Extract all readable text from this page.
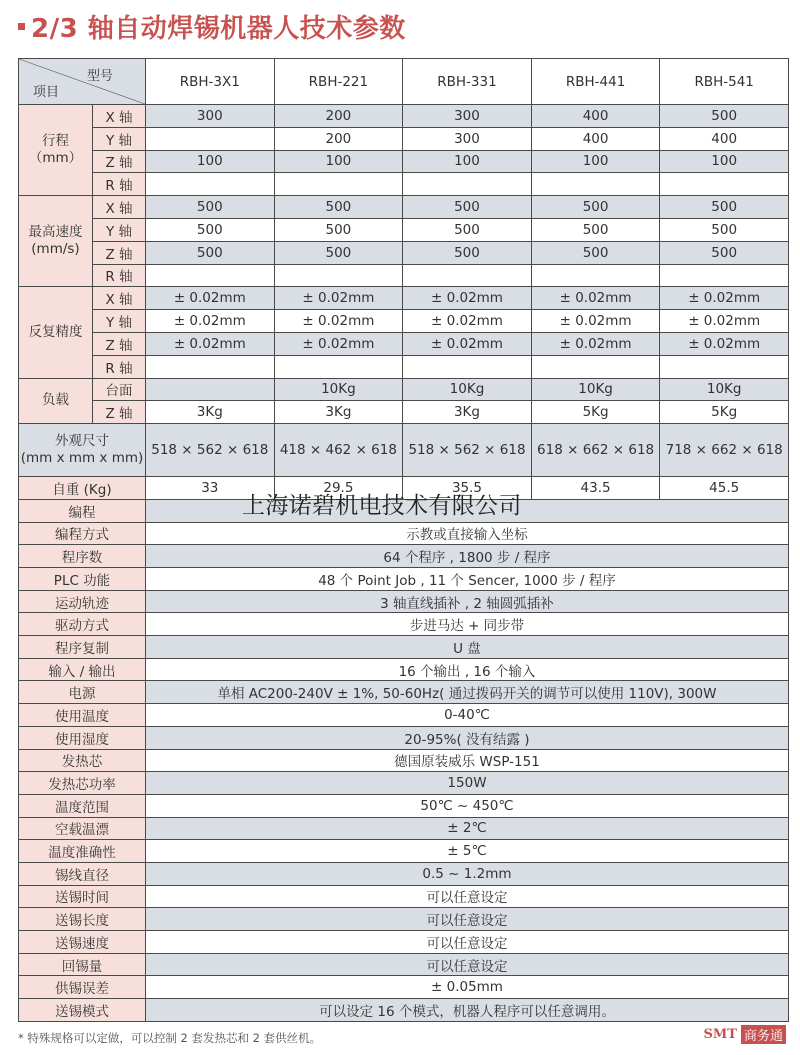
2/3 轴自动焊锡机器人技术参数
型号
项目		RBH-3X1	RBH-221	RBH-331	RBH-441	RBH-541
行程
（mm）	X 轴	300	200	300	400	500
	Y 轴		200	300	400	400
	Z 轴	100	100	100	100	100
	R 轴					
最高速度
(mm/s)	X 轴	500	500	500	500	500
	Y 轴	500	500	500	500	500
	Z 轴	500	500	500	500	500
	R 轴					
反复精度	X 轴	± 0.02mm	± 0.02mm	± 0.02mm	± 0.02mm	± 0.02mm
	Y 轴	± 0.02mm	± 0.02mm	± 0.02mm	± 0.02mm	± 0.02mm
	Z 轴	± 0.02mm	± 0.02mm	± 0.02mm	± 0.02mm	± 0.02mm
	R 轴					
负载	台面		10Kg	10Kg	10Kg	10Kg
	Z 轴	3Kg	3Kg	3Kg	5Kg	5Kg
外观尺寸
(mm x mm x mm)		518 × 562 × 618	418 × 462 × 618	518 × 562 × 618	618 × 662 × 618	718 × 662 × 618
自重 (Kg)		33	29.5	35.5	43.5	45.5
编程						
编程方式		示教或直接输入坐标				
程序数		64 个程序 , 1800 步 / 程序				
PLC 功能		48 个 Point Job , 11 个 Sencer, 1000 步 / 程序				
运动轨迹		3 轴直线插补 , 2 轴圆弧插补				
驱动方式		步进马达 + 同步带				
程序复制		U 盘				
输入 / 输出		16 个输出 , 16 个输入				
电源		单相 AC200-240V ± 1%, 50-60Hz( 通过拨码开关的调节可以使用 110V), 300W				
使用温度		0-40℃				
使用湿度		20-95%( 没有结露 )				
发热芯		德国原装威乐 WSP-151				
发热芯功率		150W				
温度范围		50℃ ~ 450℃				
空载温漂		± 2℃				
温度准确性		± 5℃				
锡线直径		0.5 ~ 1.2mm				
送锡时间		可以任意设定				
送锡长度		可以任意设定				
送锡速度		可以任意设定				
回锡量		可以任意设定				
供锡误差		± 0.05mm				
送锡模式		可以设定 16 个模式，机器人程序可以任意调用。				
上海诺碧机电技术有限公司
* 特殊规格可以定做，可以控制 2 套发热芯和 2 套供丝机。	SMT 商务通
